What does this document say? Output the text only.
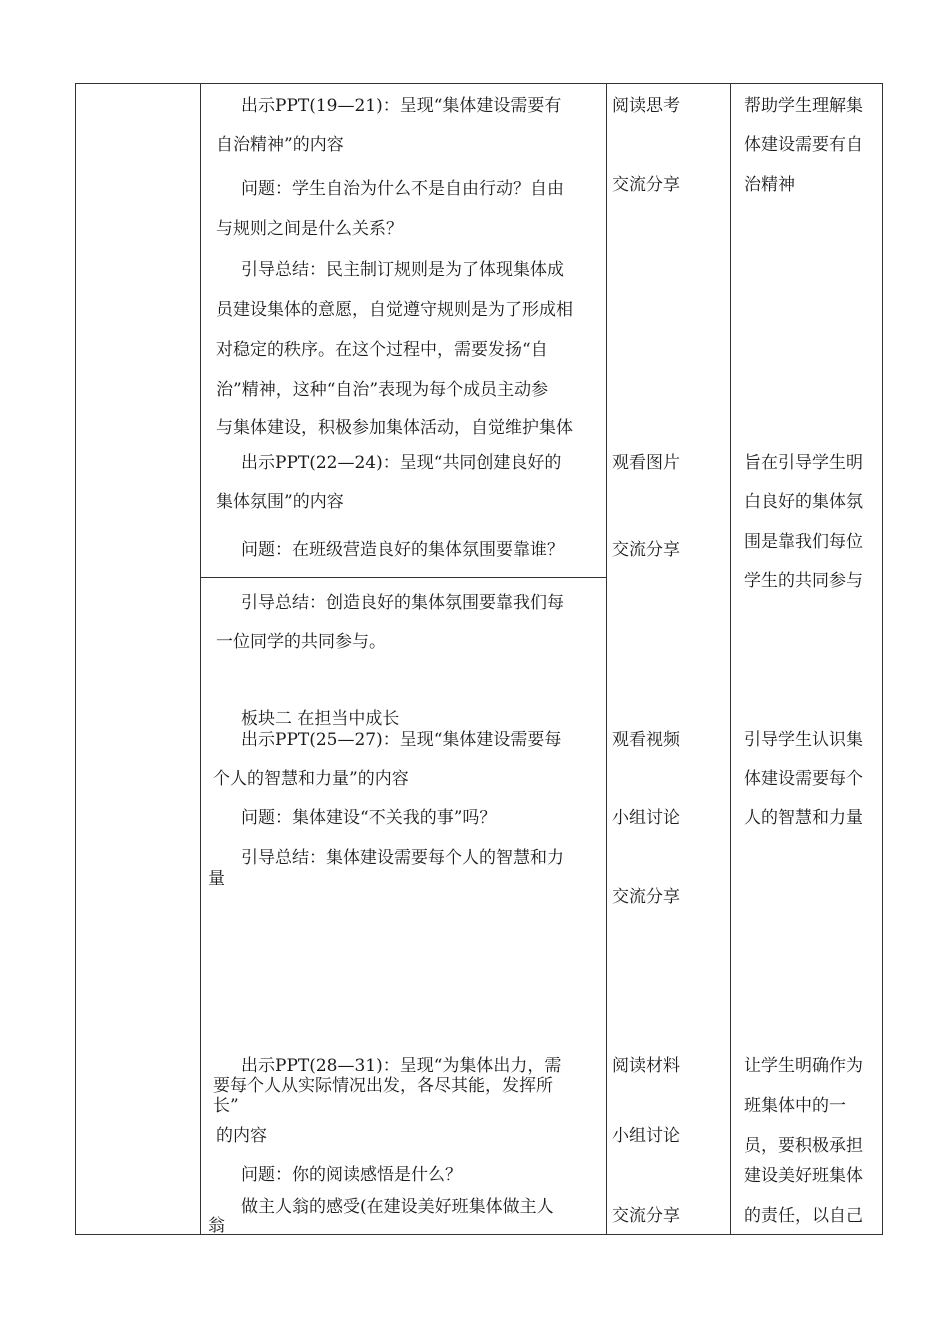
出示PPT(19—21)：呈现“集体建设需要有
自治精神”的内容
问题：学生自治为什么不是自由行动？自由
与规则之间是什么关系？
引导总结：民主制订规则是为了体现集体成
员建设集体的意愿，自觉遵守规则是为了形成相
对稳定的秩序。在这个过程中，需要发扬“自
治”精神，这种“自治”表现为每个成员主动参
与集体建设，积极参加集体活动，自觉维护集体
阅读思考
交流分享
帮助学生理解集
体建设需要有自
治精神
出示PPT(22—24)：呈现“共同创建良好的
集体氛围”的内容
问题：在班级营造良好的集体氛围要靠谁？
观看图片
交流分享
旨在引导学生明
白良好的集体氛
围是靠我们每位
学生的共同参与
引导总结：创造良好的集体氛围要靠我们每
一位同学的共同参与。
板块二 在担当中成长
出示PPT(25—27)：呈现“集体建设需要每
个人的智慧和力量”的内容
问题：集体建设“不关我的事”吗？
引导总结：集体建设需要每个人的智慧和力
量
观看视频
小组讨论
交流分享
引导学生认识集
体建设需要每个
人的智慧和力量
出示PPT(28—31)：呈现“为集体出力，需
要每个人从实际情况出发，各尽其能，发挥所
长”
的内容
问题：你的阅读感悟是什么？
做主人翁的感受(在建设美好班集体做主人
翁
阅读材料
小组讨论
交流分享
让学生明确作为
班集体中的一
员，要积极承担
建设美好班集体
的责任，以自己
